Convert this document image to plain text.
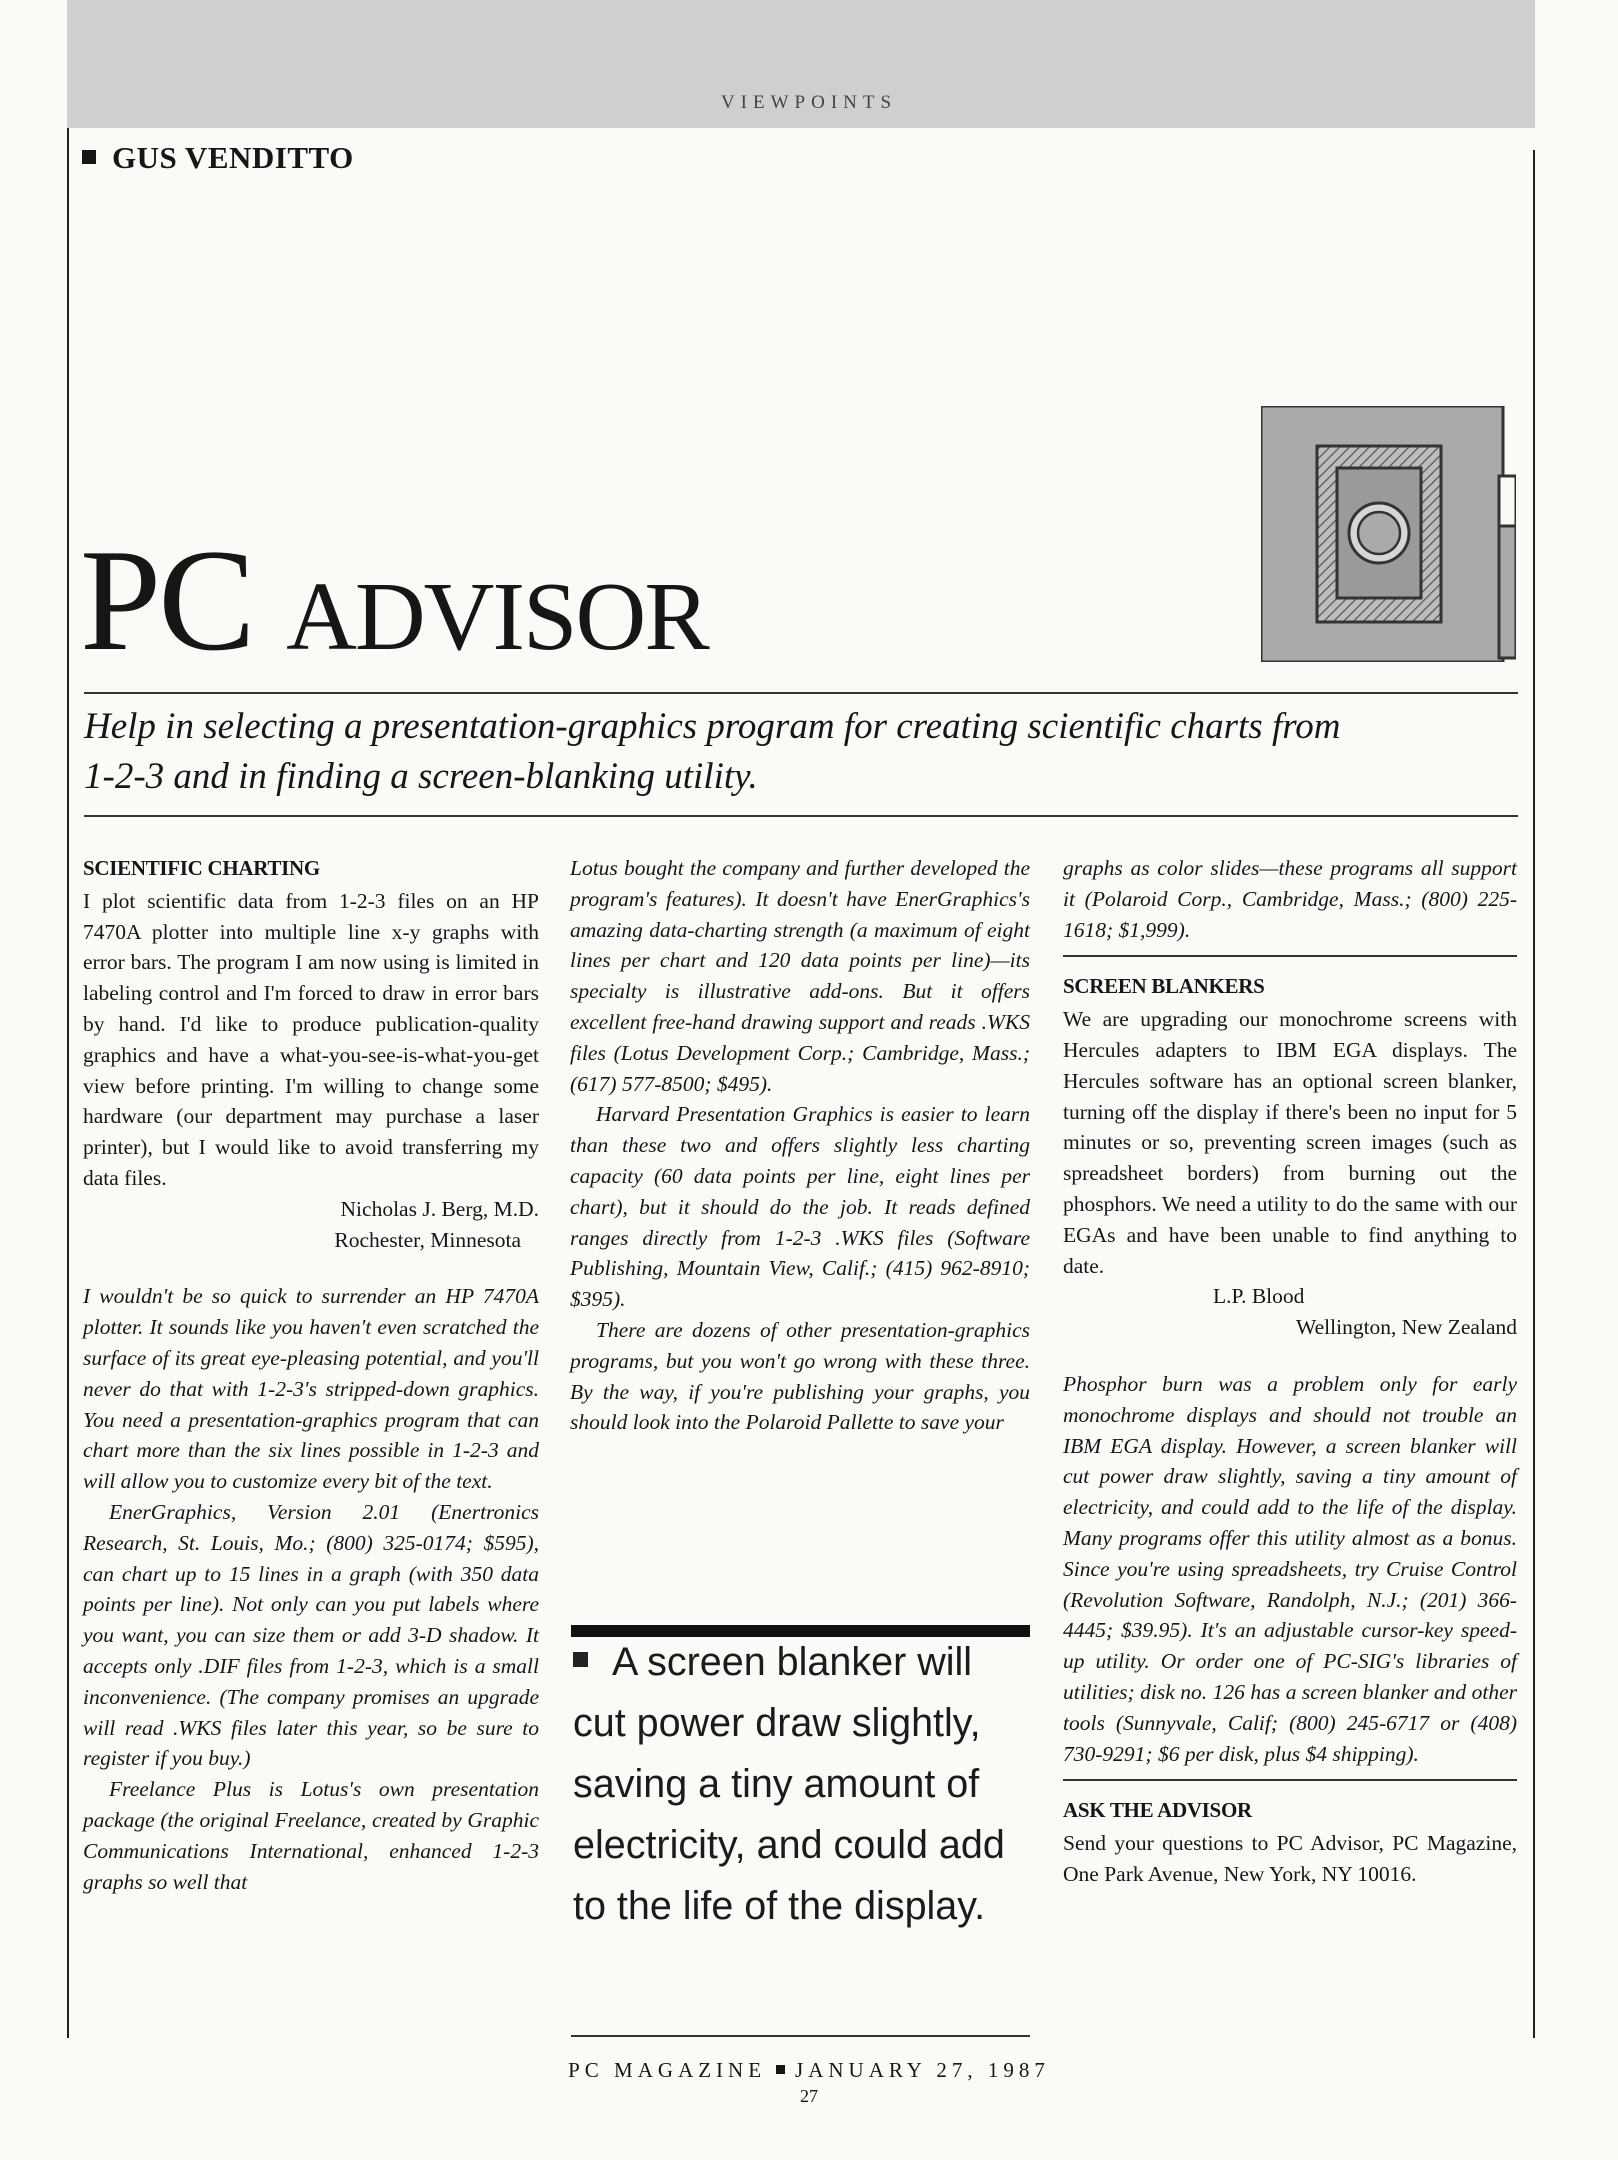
VIEWPOINTS
GUS VENDITTO
PC ADVISOR
Help in selecting a presentation-graphics program for creating scientific charts from
1-2-3 and in finding a screen-blanking utility.
SCIENTIFIC CHARTING

I plot scientific data from 1-2-3 files on an HP 7470A plotter into multiple line x-y graphs with error bars. The program I am now using is limited in labeling control and I'm forced to draw in error bars by hand. I'd like to produce publication-quality graphics and have a what-you-see-is-what-you-get view before printing. I'm willing to change some hardware (our department may purchase a laser printer), but I would like to avoid transferring my data files.

Nicholas J. Berg, M.D.

Rochester, Minnesota

I wouldn't be so quick to surrender an HP 7470A plotter. It sounds like you haven't even scratched the surface of its great eye-pleasing potential, and you'll never do that with 1-2-3's stripped-down graphics. You need a presentation-graphics program that can chart more than the six lines possible in 1-2-3 and will allow you to customize every bit of the text.

EnerGraphics, Version 2.01 (Enertronics Research, St. Louis, Mo.; (800) 325-0174; $595), can chart up to 15 lines in a graph (with 350 data points per line). Not only can you put labels where you want, you can size them or add 3-D shadow. It accepts only .DIF files from 1-2-3, which is a small inconvenience. (The company promises an upgrade will read .WKS files later this year, so be sure to register if you buy.)

Freelance Plus is Lotus's own presentation package (the original Freelance, created by Graphic Communications International, enhanced 1-2-3 graphs so well that

Lotus bought the company and further developed the program's features). It doesn't have EnerGraphics's amazing data-charting strength (a maximum of eight lines per chart and 120 data points per line)—its specialty is illustrative add-ons. But it offers excellent free-hand drawing support and reads .WKS files (Lotus Development Corp.; Cambridge, Mass.; (617) 577-8500; $495).

Harvard Presentation Graphics is easier to learn than these two and offers slightly less charting capacity (60 data points per line, eight lines per chart), but it should do the job. It reads defined ranges directly from 1-2-3 .WKS files (Software Publishing, Mountain View, Calif.; (415) 962-8910; $395).

There are dozens of other presentation-graphics programs, but you won't go wrong with these three. By the way, if you're publishing your graphs, you should look into the Polaroid Pallette to save your

A screen blanker will cut power draw slightly, saving a tiny amount of electricity, and could add to the life of the display.

graphs as color slides—these programs all support it (Polaroid Corp., Cambridge, Mass.; (800) 225-1618; $1,999).

SCREEN BLANKERS

We are upgrading our monochrome screens with Hercules adapters to IBM EGA displays. The Hercules software has an optional screen blanker, turning off the display if there's been no input for 5 minutes or so, preventing screen images (such as spreadsheet borders) from burning out the phosphors. We need a utility to do the same with our EGAs and have been unable to find anything to date.

L.P. Blood

Wellington, New Zealand

Phosphor burn was a problem only for early monochrome displays and should not trouble an IBM EGA display. However, a screen blanker will cut power draw slightly, saving a tiny amount of electricity, and could add to the life of the display. Many programs offer this utility almost as a bonus. Since you're using spreadsheets, try Cruise Control (Revolution Software, Randolph, N.J.; (201) 366-4445; $39.95). It's an adjustable cursor-key speed-up utility. Or order one of PC-SIG's libraries of utilities; disk no. 126 has a screen blanker and other tools (Sunnyvale, Calif; (800) 245-6717 or (408) 730-9291; $6 per disk, plus $4 shipping).

ASK THE ADVISOR

Send your questions to PC Advisor, PC Magazine, One Park Avenue, New York, NY 10016.

PC MAGAZINE JANUARY 27, 1987
27
